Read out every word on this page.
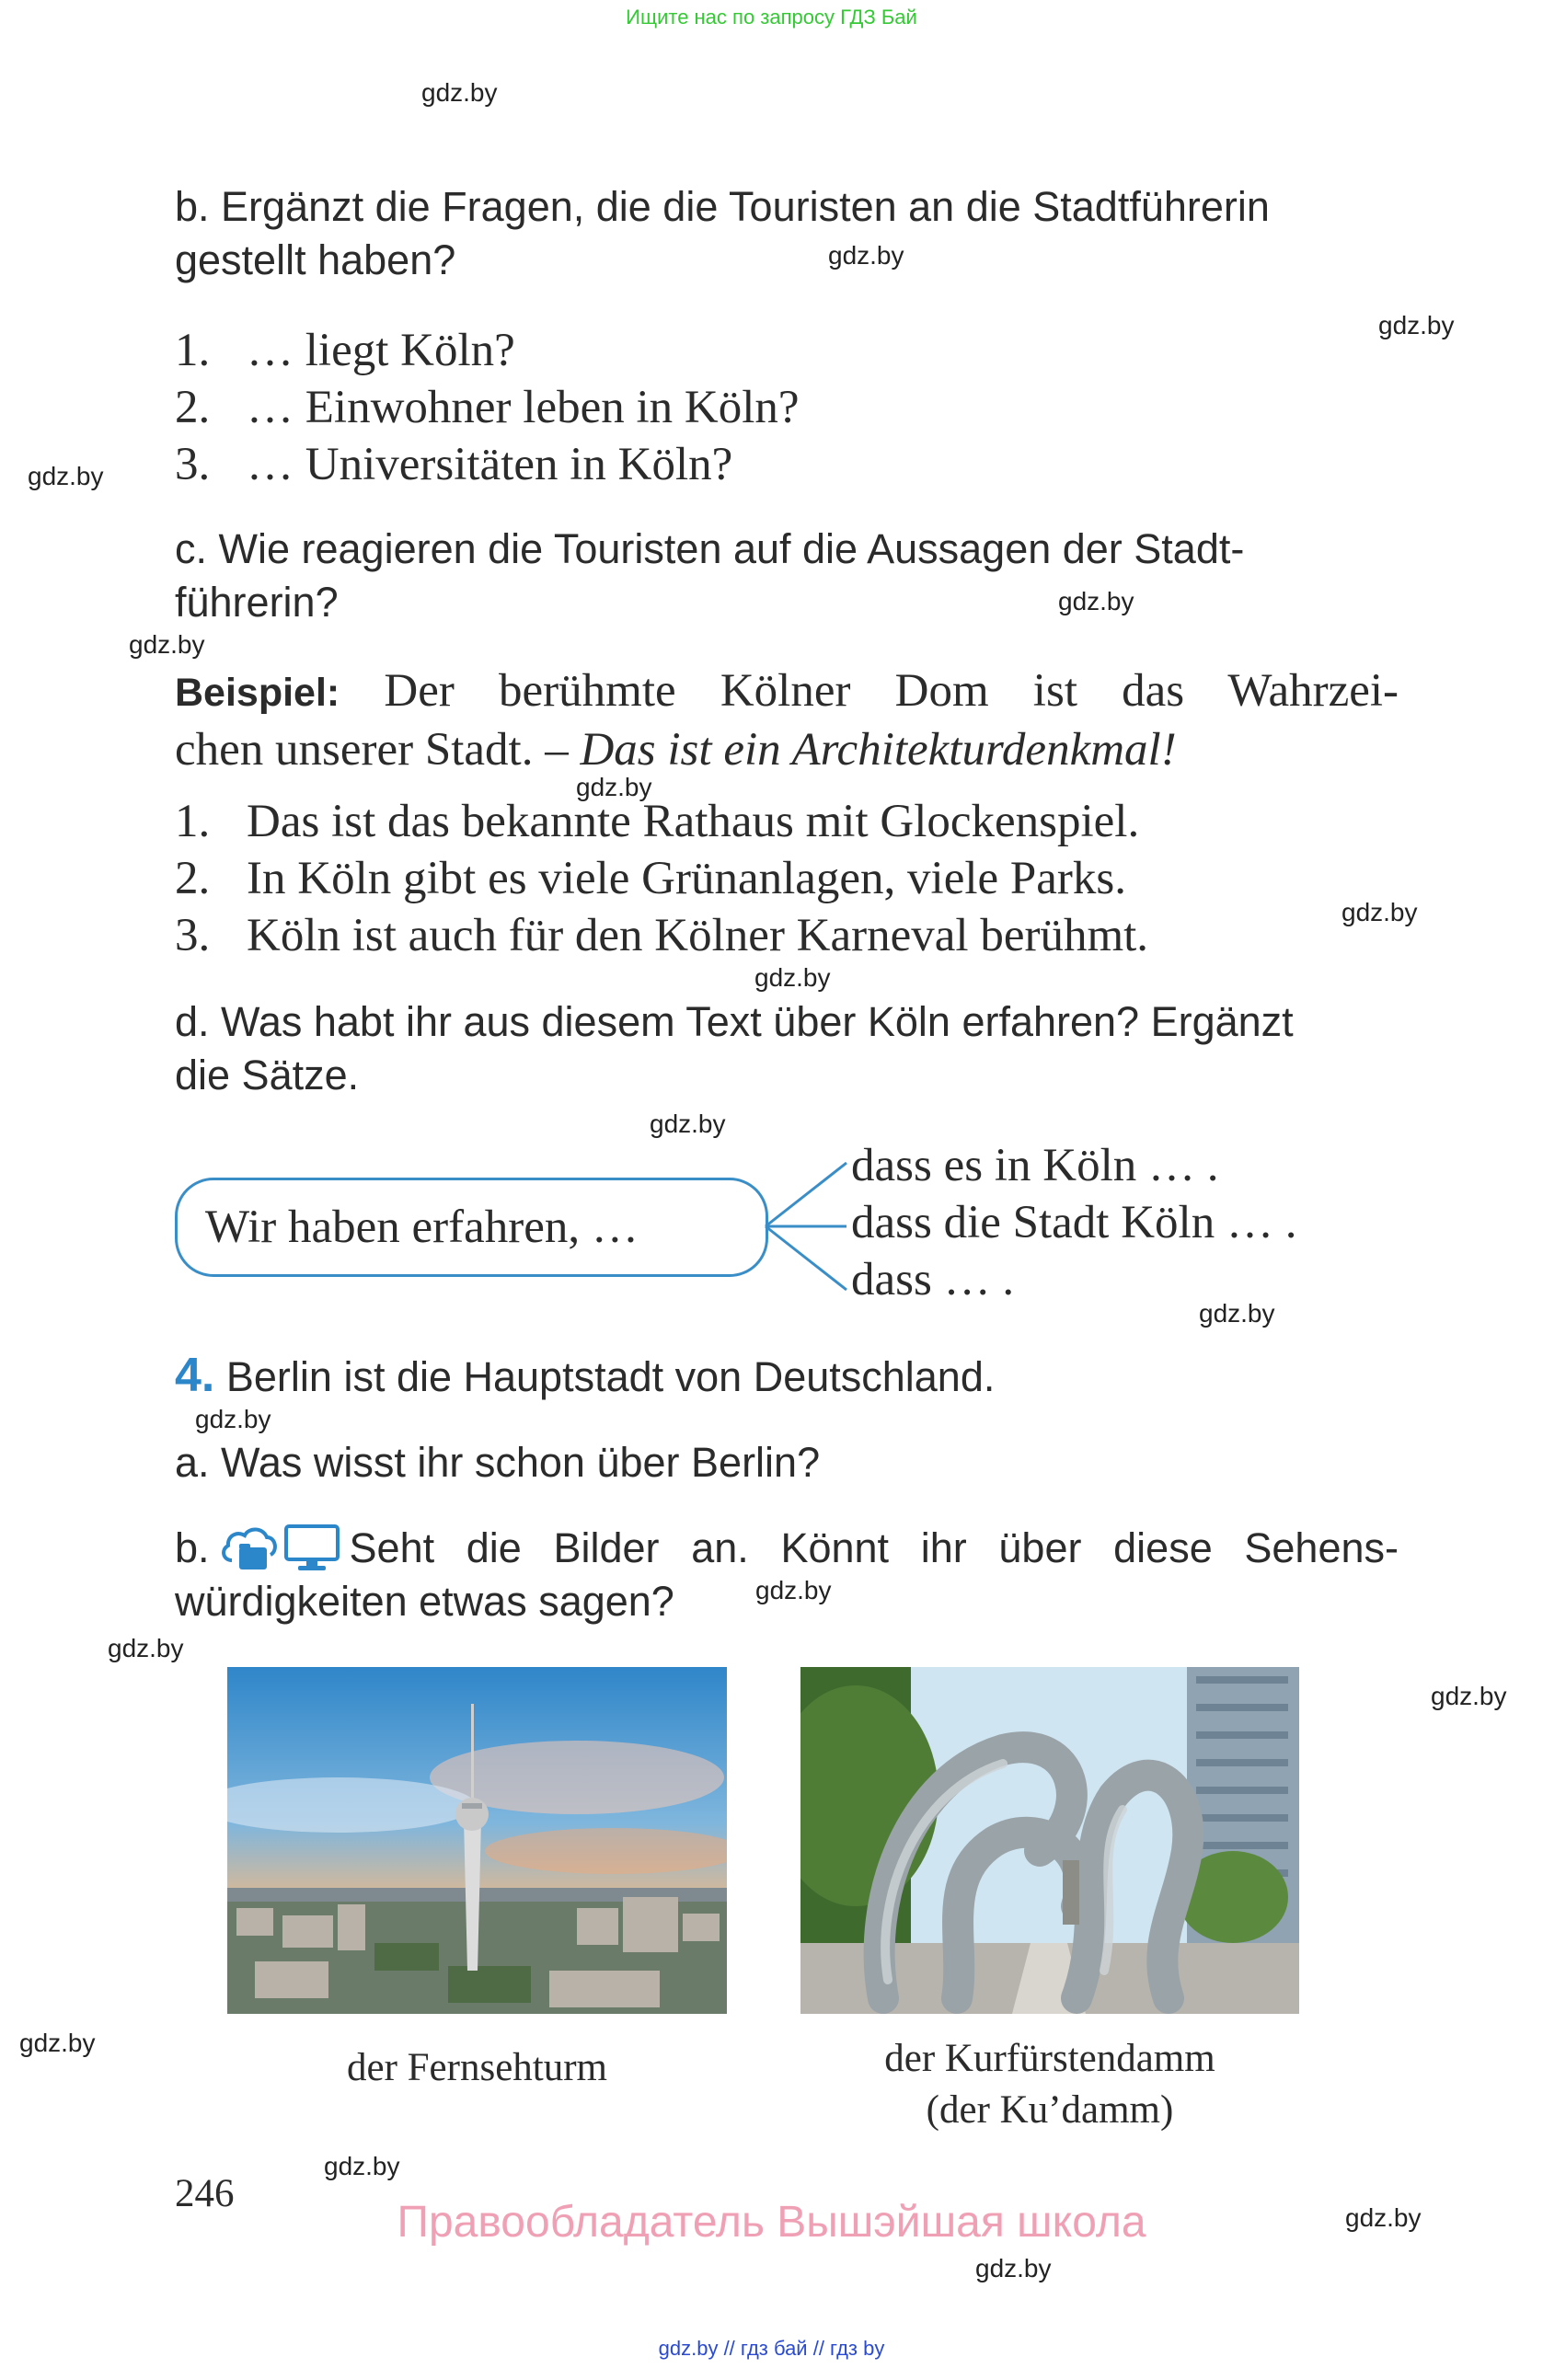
Ищите нас по запросу ГДЗ Бай
gdz.by
gdz.by
gdz.by
gdz.by
gdz.by
gdz.by
gdz.by
gdz.by
gdz.by
gdz.by
gdz.by
gdz.by
gdz.by
gdz.by
gdz.by
gdz.by
gdz.by
gdz.by
gdz.by
b. Ergänzt die Fragen, die die Touristen an die Stadtführerin
gestellt haben?
1. … liegt Köln?
2. … Einwohner leben in Köln?
3. … Universitäten in Köln?
c. Wie reagieren die Touristen auf die Aussagen der Stadt-
führerin?
Beispiel: Der berühmte Kölner Dom ist das Wahrzei-
chen unserer Stadt. – Das ist ein Architekturdenkmal!
1. Das ist das bekannte Rathaus mit Glockenspiel.
2. In Köln gibt es viele Grünanlagen, viele Parks.
3. Köln ist auch für den Kölner Karneval berühmt.
d. Was habt ihr aus diesem Text über Köln erfahren? Ergänzt
die Sätze.
Wir haben erfahren, …
dass es in Köln … .
dass die Stadt Köln … .
dass … .
4. Berlin ist die Hauptstadt von Deutschland.
a. Was wisst ihr schon über Berlin?
b.	Seht die Bilder an. Könnt ihr über diese Sehens-
würdigkeiten etwas sagen?
der Fernsehturm	der Kurfürstendamm
(der Ku’damm)
246
Правообладатель Вышэйшая школа
gdz.by // гдз бай // гдз by
